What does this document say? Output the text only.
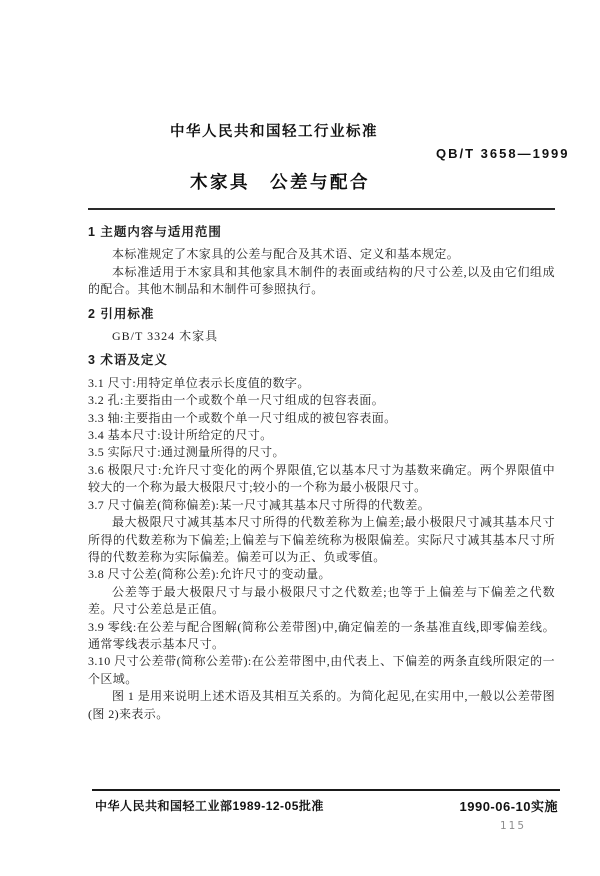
中华人民共和国轻工行业标准
QB/T 3658—1999
木家具　公差与配合

1 主题内容与适用范围

本标准规定了木家具的公差与配合及其术语、定义和基本规定。

本标准适用于木家具和其他家具木制件的表面或结构的尺寸公差,以及由它们组成的配合。其他木制品和木制件可参照执行。

2 引用标准

GB/T 3324 木家具

3 术语及定义

3.1 尺寸:用特定单位表示长度值的数字。

3.2 孔:主要指由一个或数个单一尺寸组成的包容表面。

3.3 轴:主要指由一个或数个单一尺寸组成的被包容表面。

3.4 基本尺寸:设计所给定的尺寸。

3.5 实际尺寸:通过测量所得的尺寸。

3.6 极限尺寸:允许尺寸变化的两个界限值,它以基本尺寸为基数来确定。两个界限值中较大的一个称为最大极限尺寸;较小的一个称为最小极限尺寸。

3.7 尺寸偏差(简称偏差):某一尺寸减其基本尺寸所得的代数差。

最大极限尺寸减其基本尺寸所得的代数差称为上偏差;最小极限尺寸减其基本尺寸所得的代数差称为下偏差;上偏差与下偏差统称为极限偏差。实际尺寸减其基本尺寸所得的代数差称为实际偏差。偏差可以为正、负或零值。

3.8 尺寸公差(简称公差):允许尺寸的变动量。

公差等于最大极限尺寸与最小极限尺寸之代数差;也等于上偏差与下偏差之代数差。尺寸公差总是正值。

3.9 零线:在公差与配合图解(简称公差带图)中,确定偏差的一条基准直线,即零偏差线。通常零线表示基本尺寸。

3.10 尺寸公差带(简称公差带):在公差带图中,由代表上、下偏差的两条直线所限定的一个区域。

图 1 是用来说明上述术语及其相互关系的。为简化起见,在实用中,一般以公差带图(图 2)来表示。

中华人民共和国轻工业部1989-12-05批准	1990-06-10实施
115
